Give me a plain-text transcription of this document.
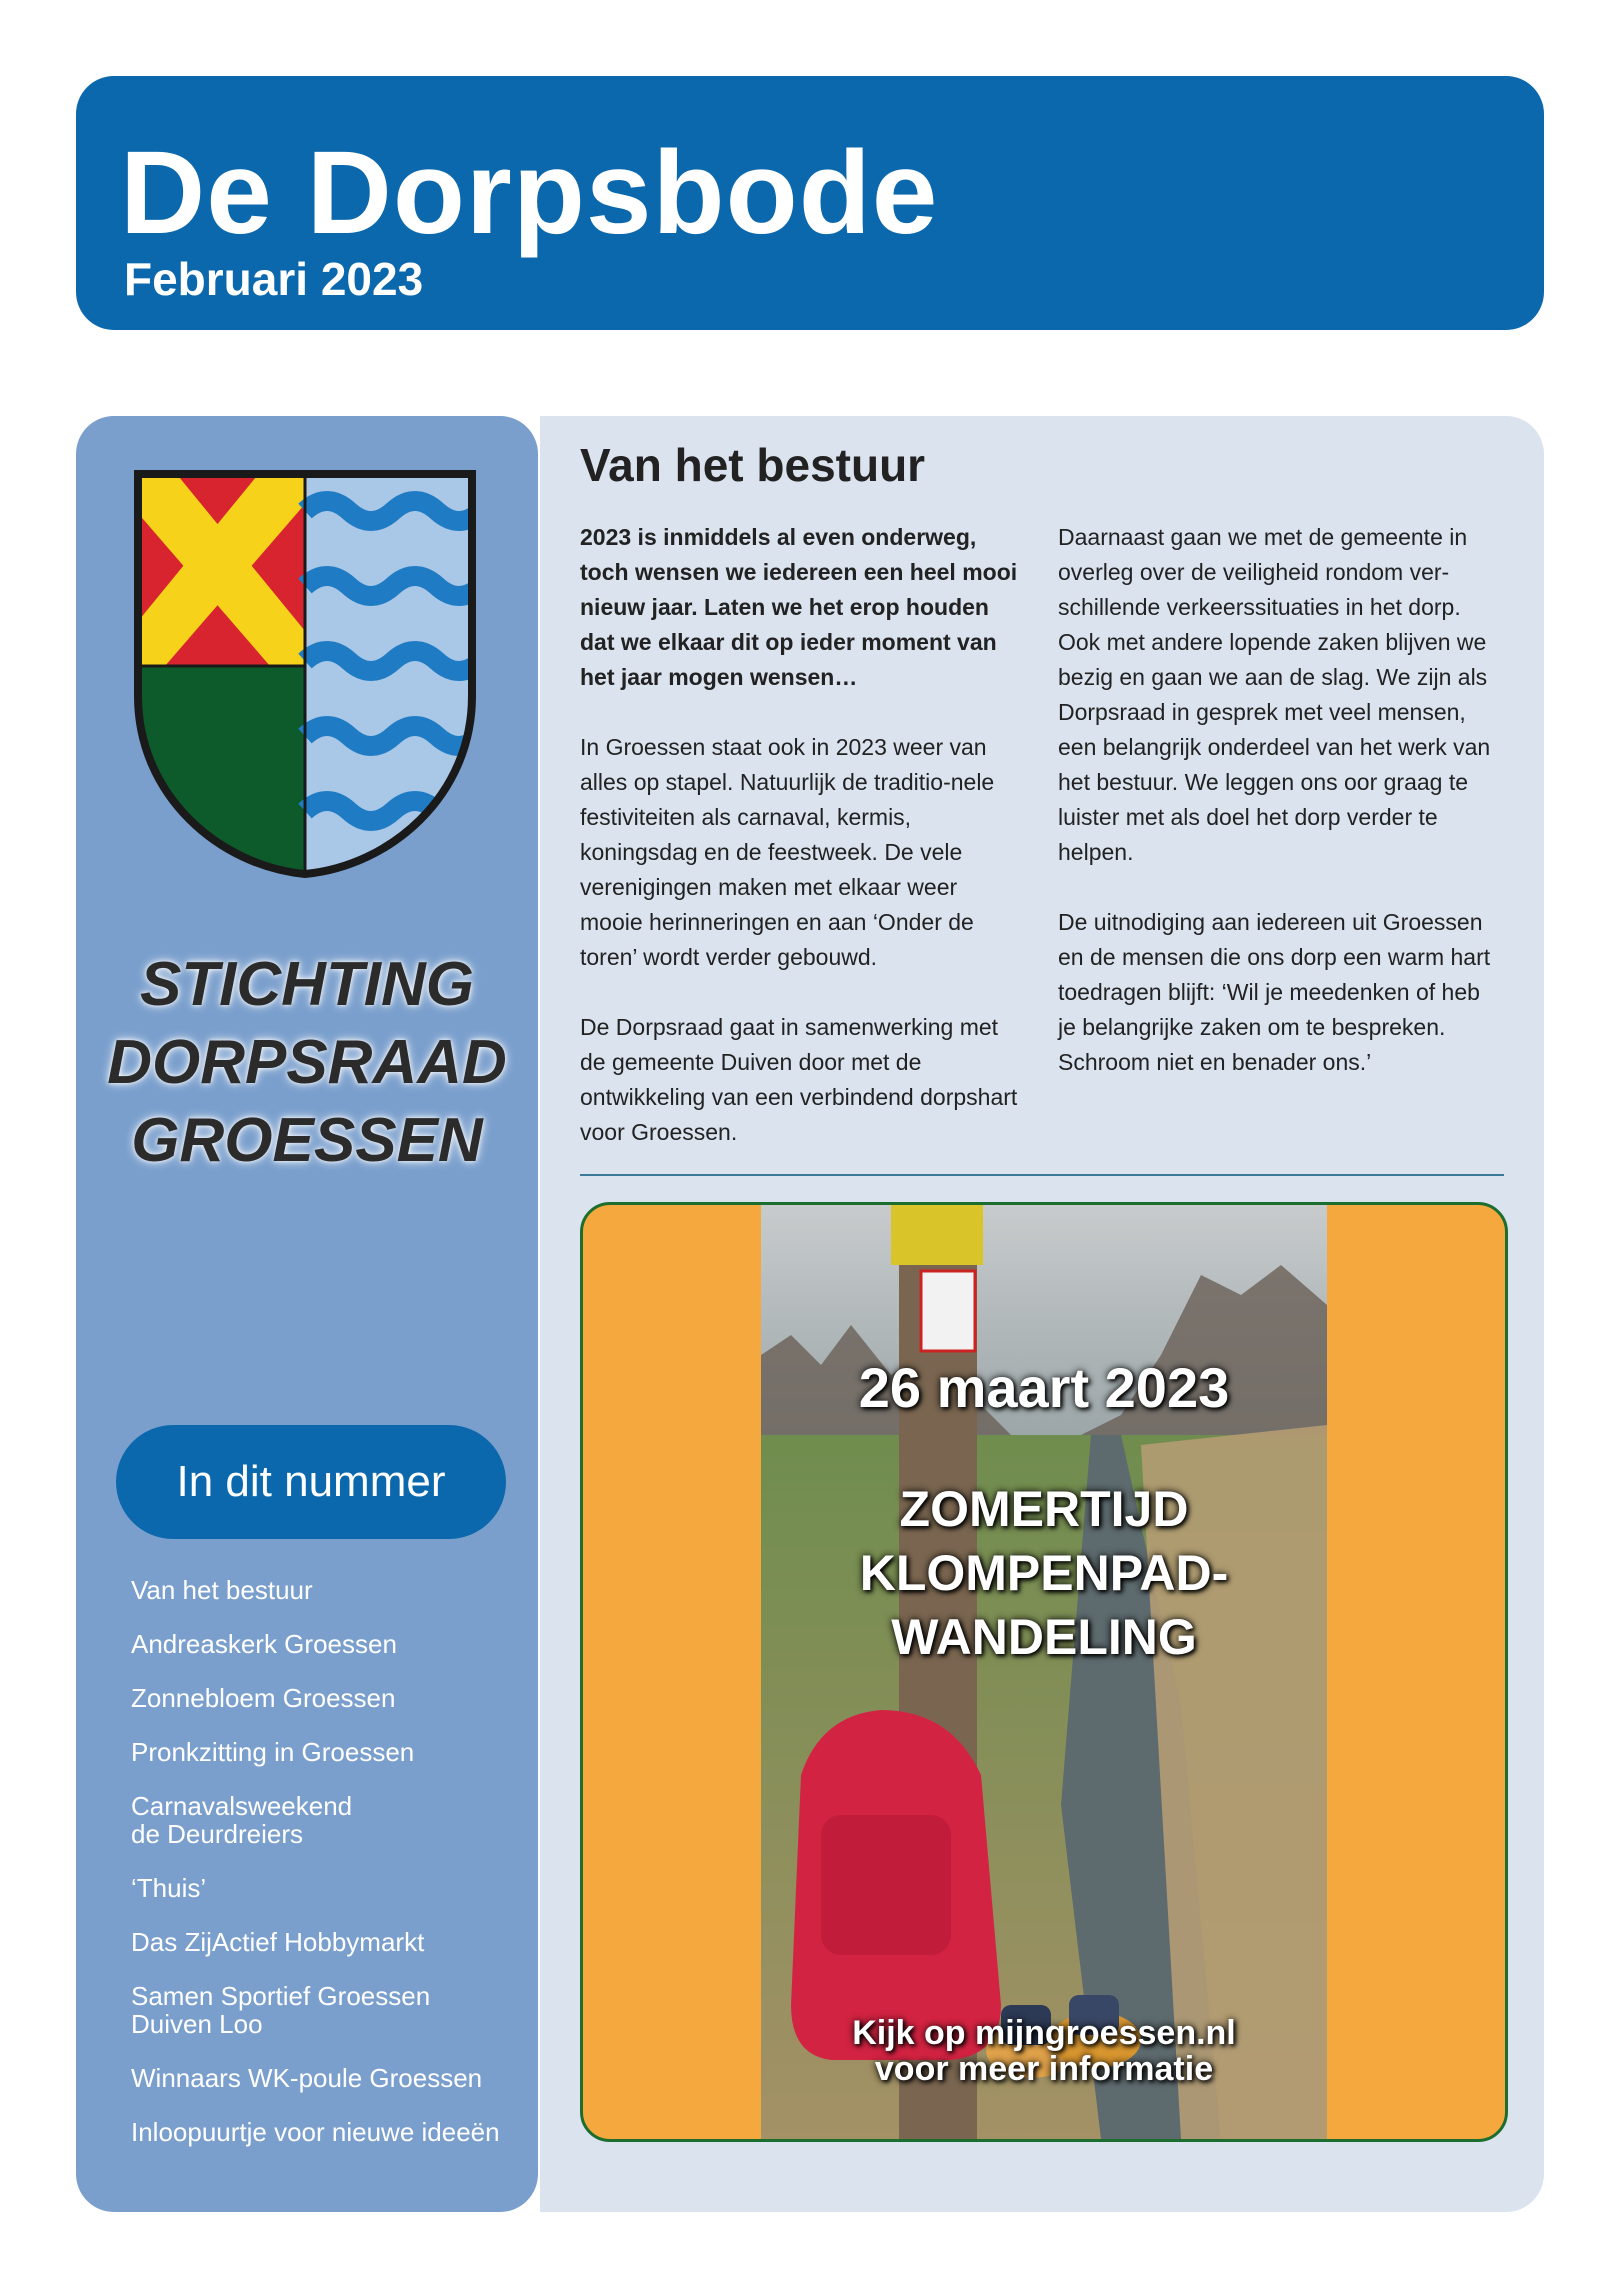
De Dorpsbode
Februari 2023
STICHTING
DORPSRAAD
GROESSEN
In dit nummer
Van het bestuur
Andreaskerk Groessen
Zonnebloem Groessen
Pronkzitting in Groessen
Carnavalsweekend
de Deurdreiers
‘Thuis’
Das ZijActief Hobbymarkt
Samen Sportief Groessen
Duiven Loo
Winnaars WK-poule Groessen
Inloopuurtje voor nieuwe ideeën
Van het bestuur

2023 is inmiddels al even onderweg, toch wensen we iedereen een heel mooi nieuw jaar. Laten we het erop houden dat we elkaar dit op ieder moment van het jaar mogen wensen…

In Groessen staat ook in 2023 weer van alles op stapel. Natuurlijk de traditio-nele festiviteiten als carnaval, kermis, koningsdag en de feestweek. De vele verenigingen maken met elkaar weer mooie herinneringen en aan ‘Onder de toren’ wordt verder gebouwd.

De Dorpsraad gaat in samenwerking met de gemeente Duiven door met de ontwikkeling van een verbindend dorpshart voor Groessen.

Daarnaast gaan we met de gemeente in overleg over de veiligheid rondom ver-schillende verkeerssituaties in het dorp. Ook met andere lopende zaken blijven we bezig en gaan we aan de slag. We zijn als Dorpsraad in gesprek met veel mensen, een belangrijk onderdeel van het werk van het bestuur. We leggen ons oor graag te luister met als doel het dorp verder te helpen.

De uitnodiging aan iedereen uit Groessen en de mensen die ons dorp een warm hart toedragen blijft: ‘Wil je meedenken of heb je belangrijke zaken om te bespreken. Schroom niet en benader ons.’

26 maart 2023
ZOMERTIJD
KLOMPENPAD-
WANDELING
Kijk op mijngroessen.nl
voor meer informatie
